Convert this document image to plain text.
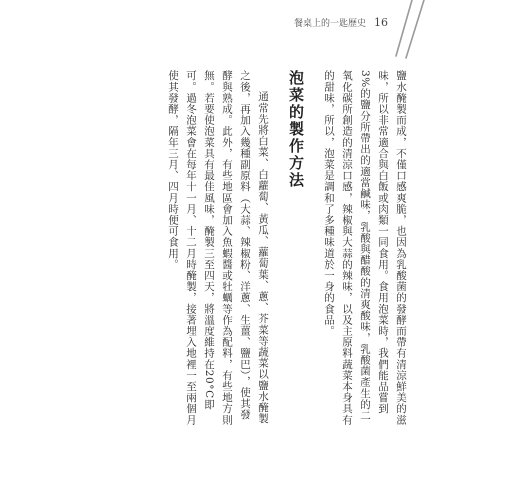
餐桌上的一匙歷史 16

鹽水醃製而成，不僅口感爽脆，也因為乳酸菌的發酵而帶有清涼鮮美的滋味，所以非常適合與白飯或肉類一同食用。食用泡菜時，我們能品嘗到3%的鹽分所帶出的適當鹹味，乳酸與醋酸的清爽酸味，乳酸菌產生的二氧化碳所創造的清涼口感，辣椒與大蒜的辣味，以及主原料蔬菜本身具有的甜味，所以，泡菜是調和了多種味道於一身的食品。

泡菜的製作方法

通常先將白菜、白蘿蔔、黃瓜、蘿蔔葉、蔥、芥菜等蔬菜以鹽水醃製之後，再加入幾種副原料（大蒜、辣椒粉、洋蔥、生薑、鹽巴），使其發酵與熟成。此外，有些地區會加入魚蝦醬或牡蠣等作為配料，有些地方則無。若要使泡菜具有最佳風味，醃製三至四天，將溫度維持在20°C即可。過冬泡菜會在每年十一月、十二月時醃製，接著埋入地裡一至兩個月使其發酵，隔年三月、四月時便可食用。
